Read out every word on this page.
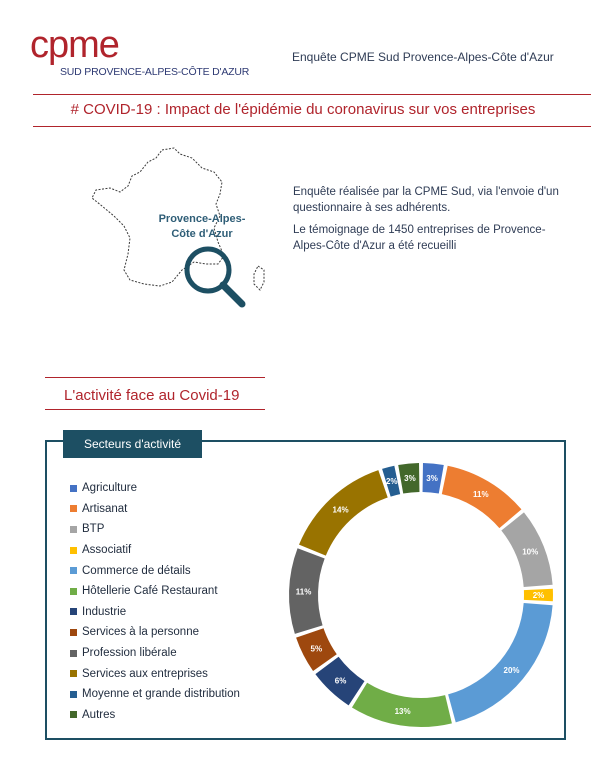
cpme
SUD PROVENCE-ALPES-CÔTE D'AZUR
Enquête CPME Sud Provence-Alpes-Côte d'Azur
# COVID-19 : Impact de l'épidémie du coronavirus sur vos entreprises
Provence-Alpes-
Côte d'Azur

Enquête réalisée par la CPME Sud, via l'envoie d'un questionnaire à ses adhérents.

Le témoignage de 1450 entreprises de Provence-Alpes-Côte d'Azur a été recueilli

L'activité face au Covid-19
Secteurs d'activité
Agriculture
Artisanat
BTP
Associatif
Commerce de détails
Hôtellerie Café Restaurant
Industrie
Services à la personne
Profession libérale
Services aux entreprises
Moyenne et grande distribution
Autres
3%
11%
10%
2%
20%
13%
6%
5%
11%
14%
2% 3%
